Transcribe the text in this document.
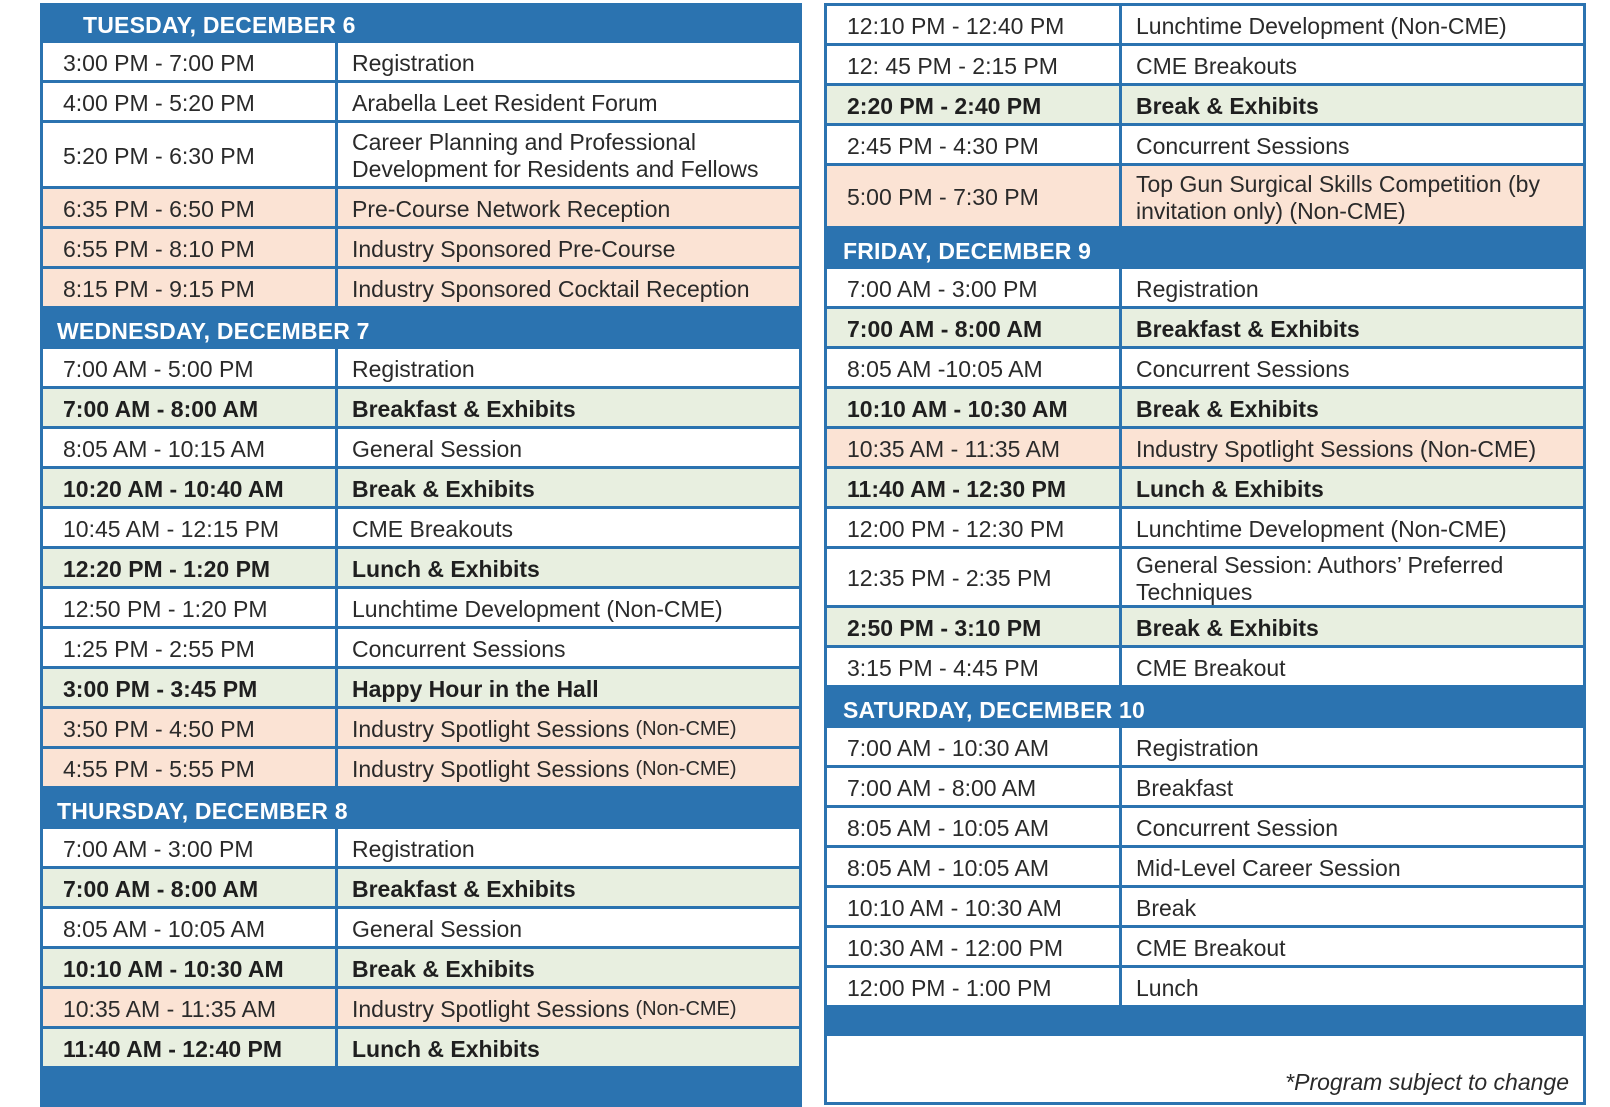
TUESDAY, DECEMBER 6
3:00 PM - 7:00 PM	Registration
4:00 PM - 5:20 PM	Arabella Leet Resident Forum
5:20 PM - 6:30 PM
Career Planning and Professional Development for Residents and Fellows
6:35 PM - 6:50 PM	Pre-Course Network Reception
6:55 PM - 8:10 PM	Industry Sponsored Pre-Course
8:15 PM - 9:15 PM	Industry Sponsored Cocktail Reception
WEDNESDAY, DECEMBER 7
7:00 AM - 5:00 PM	Registration
7:00 AM - 8:00 AM	Breakfast & Exhibits
8:05 AM - 10:15 AM	General Session
10:20 AM - 10:40 AM	Break & Exhibits
10:45 AM - 12:15 PM	CME Breakouts
12:20 PM - 1:20 PM	Lunch & Exhibits
12:50 PM - 1:20 PM	Lunchtime Development (Non-CME)
1:25 PM - 2:55 PM	Concurrent Sessions
3:00 PM - 3:45 PM	Happy Hour in the Hall
3:50 PM - 4:50 PM	Industry Spotlight Sessions (Non-CME)
4:55 PM - 5:55 PM	Industry Spotlight Sessions (Non-CME)
THURSDAY, DECEMBER 8
7:00 AM - 3:00 PM	Registration
7:00 AM - 8:00 AM	Breakfast & Exhibits
8:05 AM - 10:05 AM	General Session
10:10 AM - 10:30 AM	Break & Exhibits
10:35 AM - 11:35 AM	Industry Spotlight Sessions (Non-CME)
11:40 AM - 12:40 PM	Lunch & Exhibits
12:10 PM - 12:40 PM	Lunchtime Development (Non-CME)
12: 45 PM - 2:15 PM	CME Breakouts
2:20 PM - 2:40 PM	Break & Exhibits
2:45 PM - 4:30 PM	Concurrent Sessions
5:00 PM - 7:30 PM
Top Gun Surgical Skills Competition (by invitation only) (Non-CME)
FRIDAY, DECEMBER 9
7:00 AM - 3:00 PM	Registration
7:00 AM - 8:00 AM	Breakfast & Exhibits
8:05 AM -10:05 AM	Concurrent Sessions
10:10 AM - 10:30 AM	Break & Exhibits
10:35 AM - 11:35 AM	Industry Spotlight Sessions (Non-CME)
11:40 AM - 12:30 PM	Lunch & Exhibits
12:00 PM - 12:30 PM	Lunchtime Development (Non-CME)
12:35 PM - 2:35 PM
General Session: Authors’ Preferred Techniques
2:50 PM - 3:10 PM	Break & Exhibits
3:15 PM - 4:45 PM	CME Breakout
SATURDAY, DECEMBER 10
7:00 AM - 10:30 AM	Registration
7:00 AM - 8:00 AM	Breakfast
8:05 AM - 10:05 AM	Concurrent Session
8:05 AM - 10:05 AM	Mid-Level Career Session
10:10 AM - 10:30 AM	Break
10:30 AM - 12:00 PM	CME Breakout
12:00 PM - 1:00 PM	Lunch
*Program subject to change
